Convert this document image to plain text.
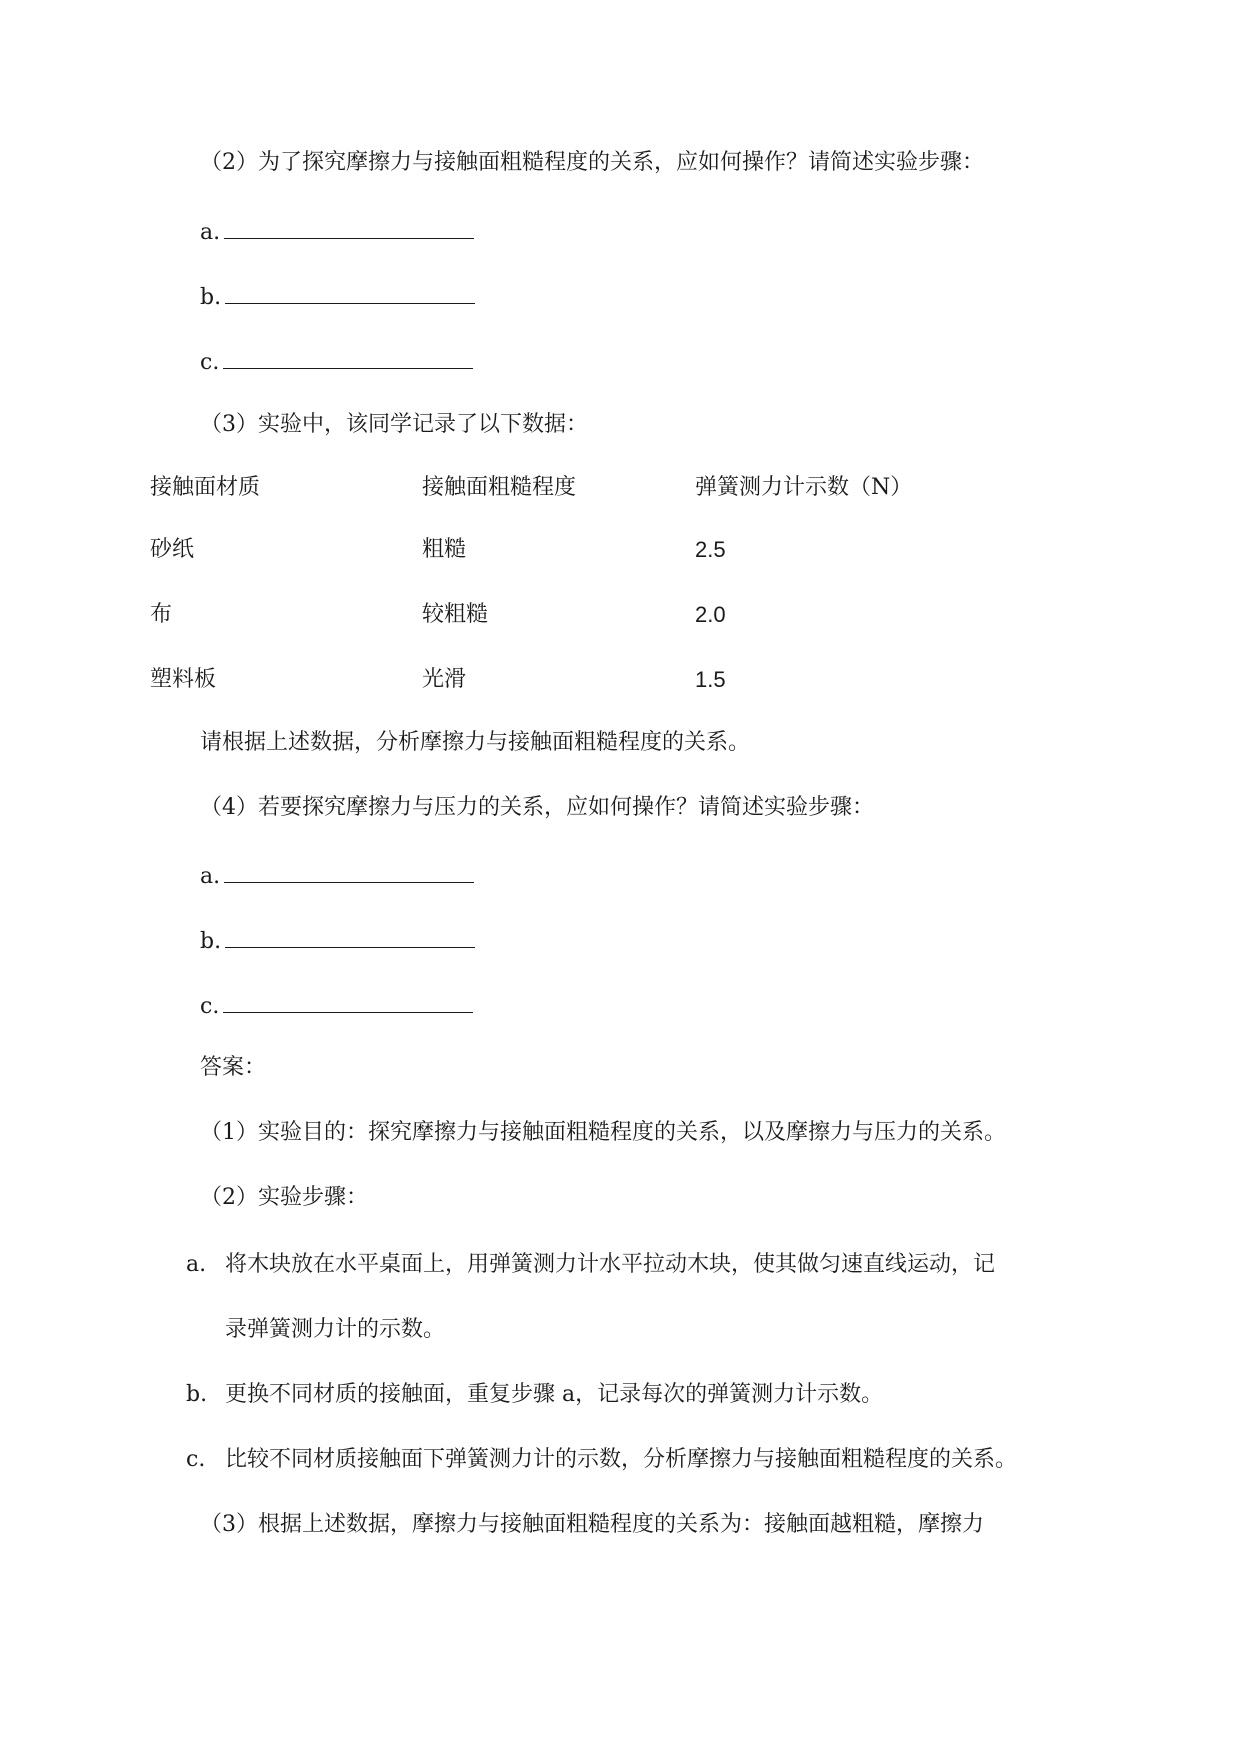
（2）为了探究摩擦力与接触面粗糙程度的关系，应如何操作？请简述实验步骤：
a.
b.
c.
（3）实验中，该同学记录了以下数据：
接触面材质	接触面粗糙程度	弹簧测力计示数（N）
砂纸	粗糙	2.5
布	较粗糙	2.0
塑料板	光滑	1.5
请根据上述数据，分析摩擦力与接触面粗糙程度的关系。
（4）若要探究摩擦力与压力的关系，应如何操作？请简述实验步骤：
a.
b.
c.
答案：
（1）实验目的：探究摩擦力与接触面粗糙程度的关系，以及摩擦力与压力的关系。
（2）实验步骤：
a. 将木块放在水平桌面上，用弹簧测力计水平拉动木块，使其做匀速直线运动，记
录弹簧测力计的示数。
b. 更换不同材质的接触面，重复步骤 a，记录每次的弹簧测力计示数。
c. 比较不同材质接触面下弹簧测力计的示数，分析摩擦力与接触面粗糙程度的关系。
（3）根据上述数据，摩擦力与接触面粗糙程度的关系为：接触面越粗糙，摩擦力
